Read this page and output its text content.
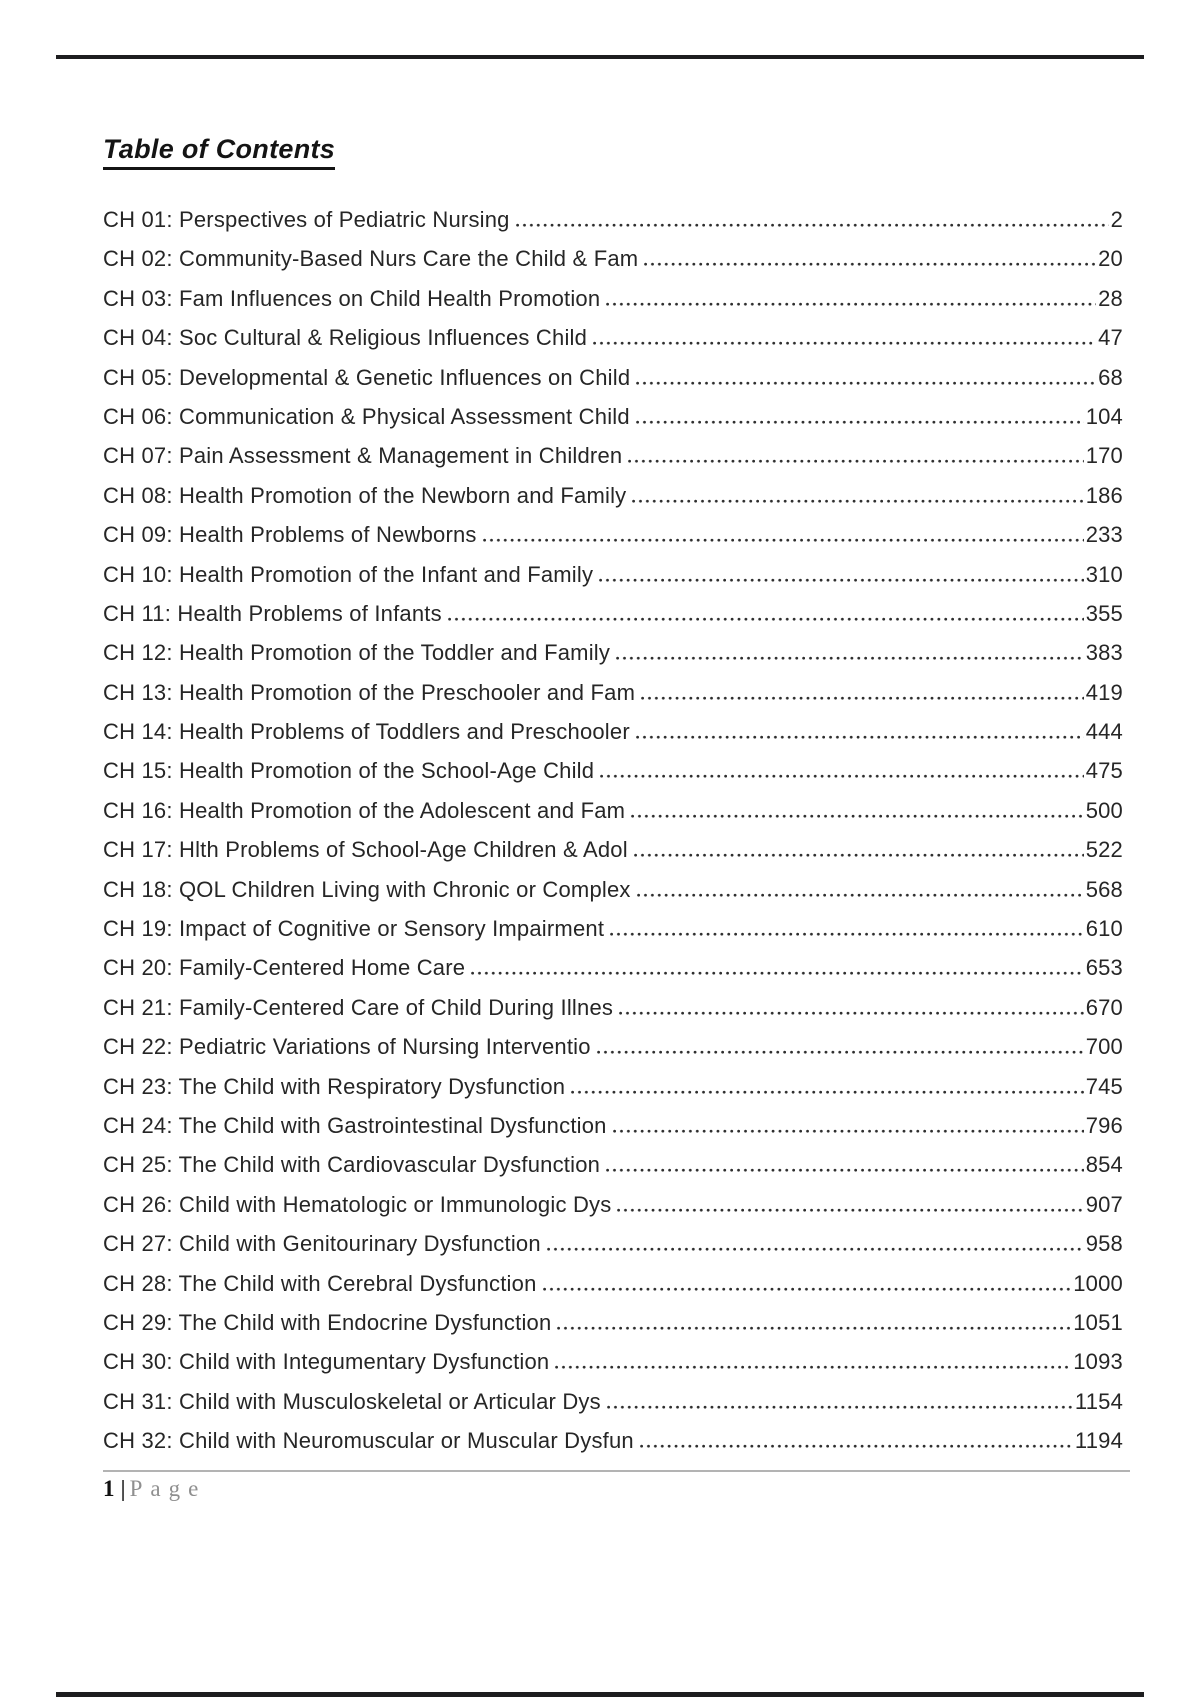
Table of Contents
CH 01: Perspectives of Pediatric Nursing	2
CH 02: Community-Based Nurs Care the Child & Fam	20
CH 03: Fam Influences on Child Health Promotion	28
CH 04: Soc Cultural & Religious Influences Child	47
CH 05: Developmental & Genetic Influences on Child	68
CH 06: Communication & Physical Assessment Child	104
CH 07: Pain Assessment & Management in Children	170
CH 08: Health Promotion of the Newborn and Family	186
CH 09: Health Problems of Newborns	233
CH 10: Health Promotion of the Infant and Family	310
CH 11: Health Problems of Infants	355
CH 12: Health Promotion of the Toddler and Family	383
CH 13: Health Promotion of the Preschooler and Fam	419
CH 14: Health Problems of Toddlers and Preschooler	444
CH 15: Health Promotion of the School-Age Child	475
CH 16: Health Promotion of the Adolescent and Fam	500
CH 17: Hlth Problems of School-Age Children & Adol	522
CH 18: QOL Children Living with Chronic or Complex	568
CH 19: Impact of Cognitive or Sensory Impairment	610
CH 20: Family-Centered Home Care	653
CH 21: Family-Centered Care of Child During Illnes	670
CH 22: Pediatric Variations of Nursing Interventio	700
CH 23: The Child with Respiratory Dysfunction	745
CH 24: The Child with Gastrointestinal Dysfunction	796
CH 25: The Child with Cardiovascular Dysfunction	854
CH 26: Child with Hematologic or Immunologic Dys	907
CH 27: Child with Genitourinary Dysfunction	958
CH 28: The Child with Cerebral Dysfunction	1000
CH 29: The Child with Endocrine Dysfunction	1051
CH 30: Child with Integumentary Dysfunction	1093
CH 31: Child with Musculoskeletal or Articular Dys	1154
CH 32: Child with Neuromuscular or Muscular Dysfun	1194
1 | Page
